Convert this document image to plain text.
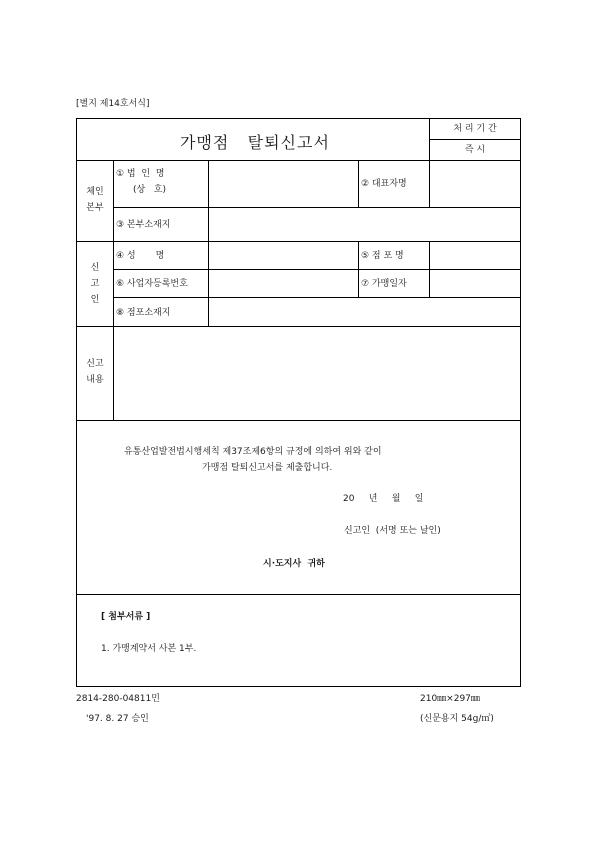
[별지 제14호서식]
가맹점   탈퇴신고서
처 리 기 간
즉 시
체인
본부
① 법  인  명
(상   호)
② 대표자명
③ 본부소재지
신
고
인
④ 성       명	⑤ 점 포 명
⑥ 사업자등록번호	⑦ 가맹일자
⑧ 점포소재지
신고
내용
유통산업발전법시행세칙 제37조제6항의 규정에 의하여 위와 같이
가맹점 탈퇴신고서를 제출합니다.
20     년     월     일
신고인  (서명 또는 날인)
시·도지사  귀하
[ 첨부서류 ]
1. 가맹계약서 사본 1부.
2814-280-04811민
'97. 8. 27 승인
210㎜×297㎜
(신문용지 54g/㎡)
